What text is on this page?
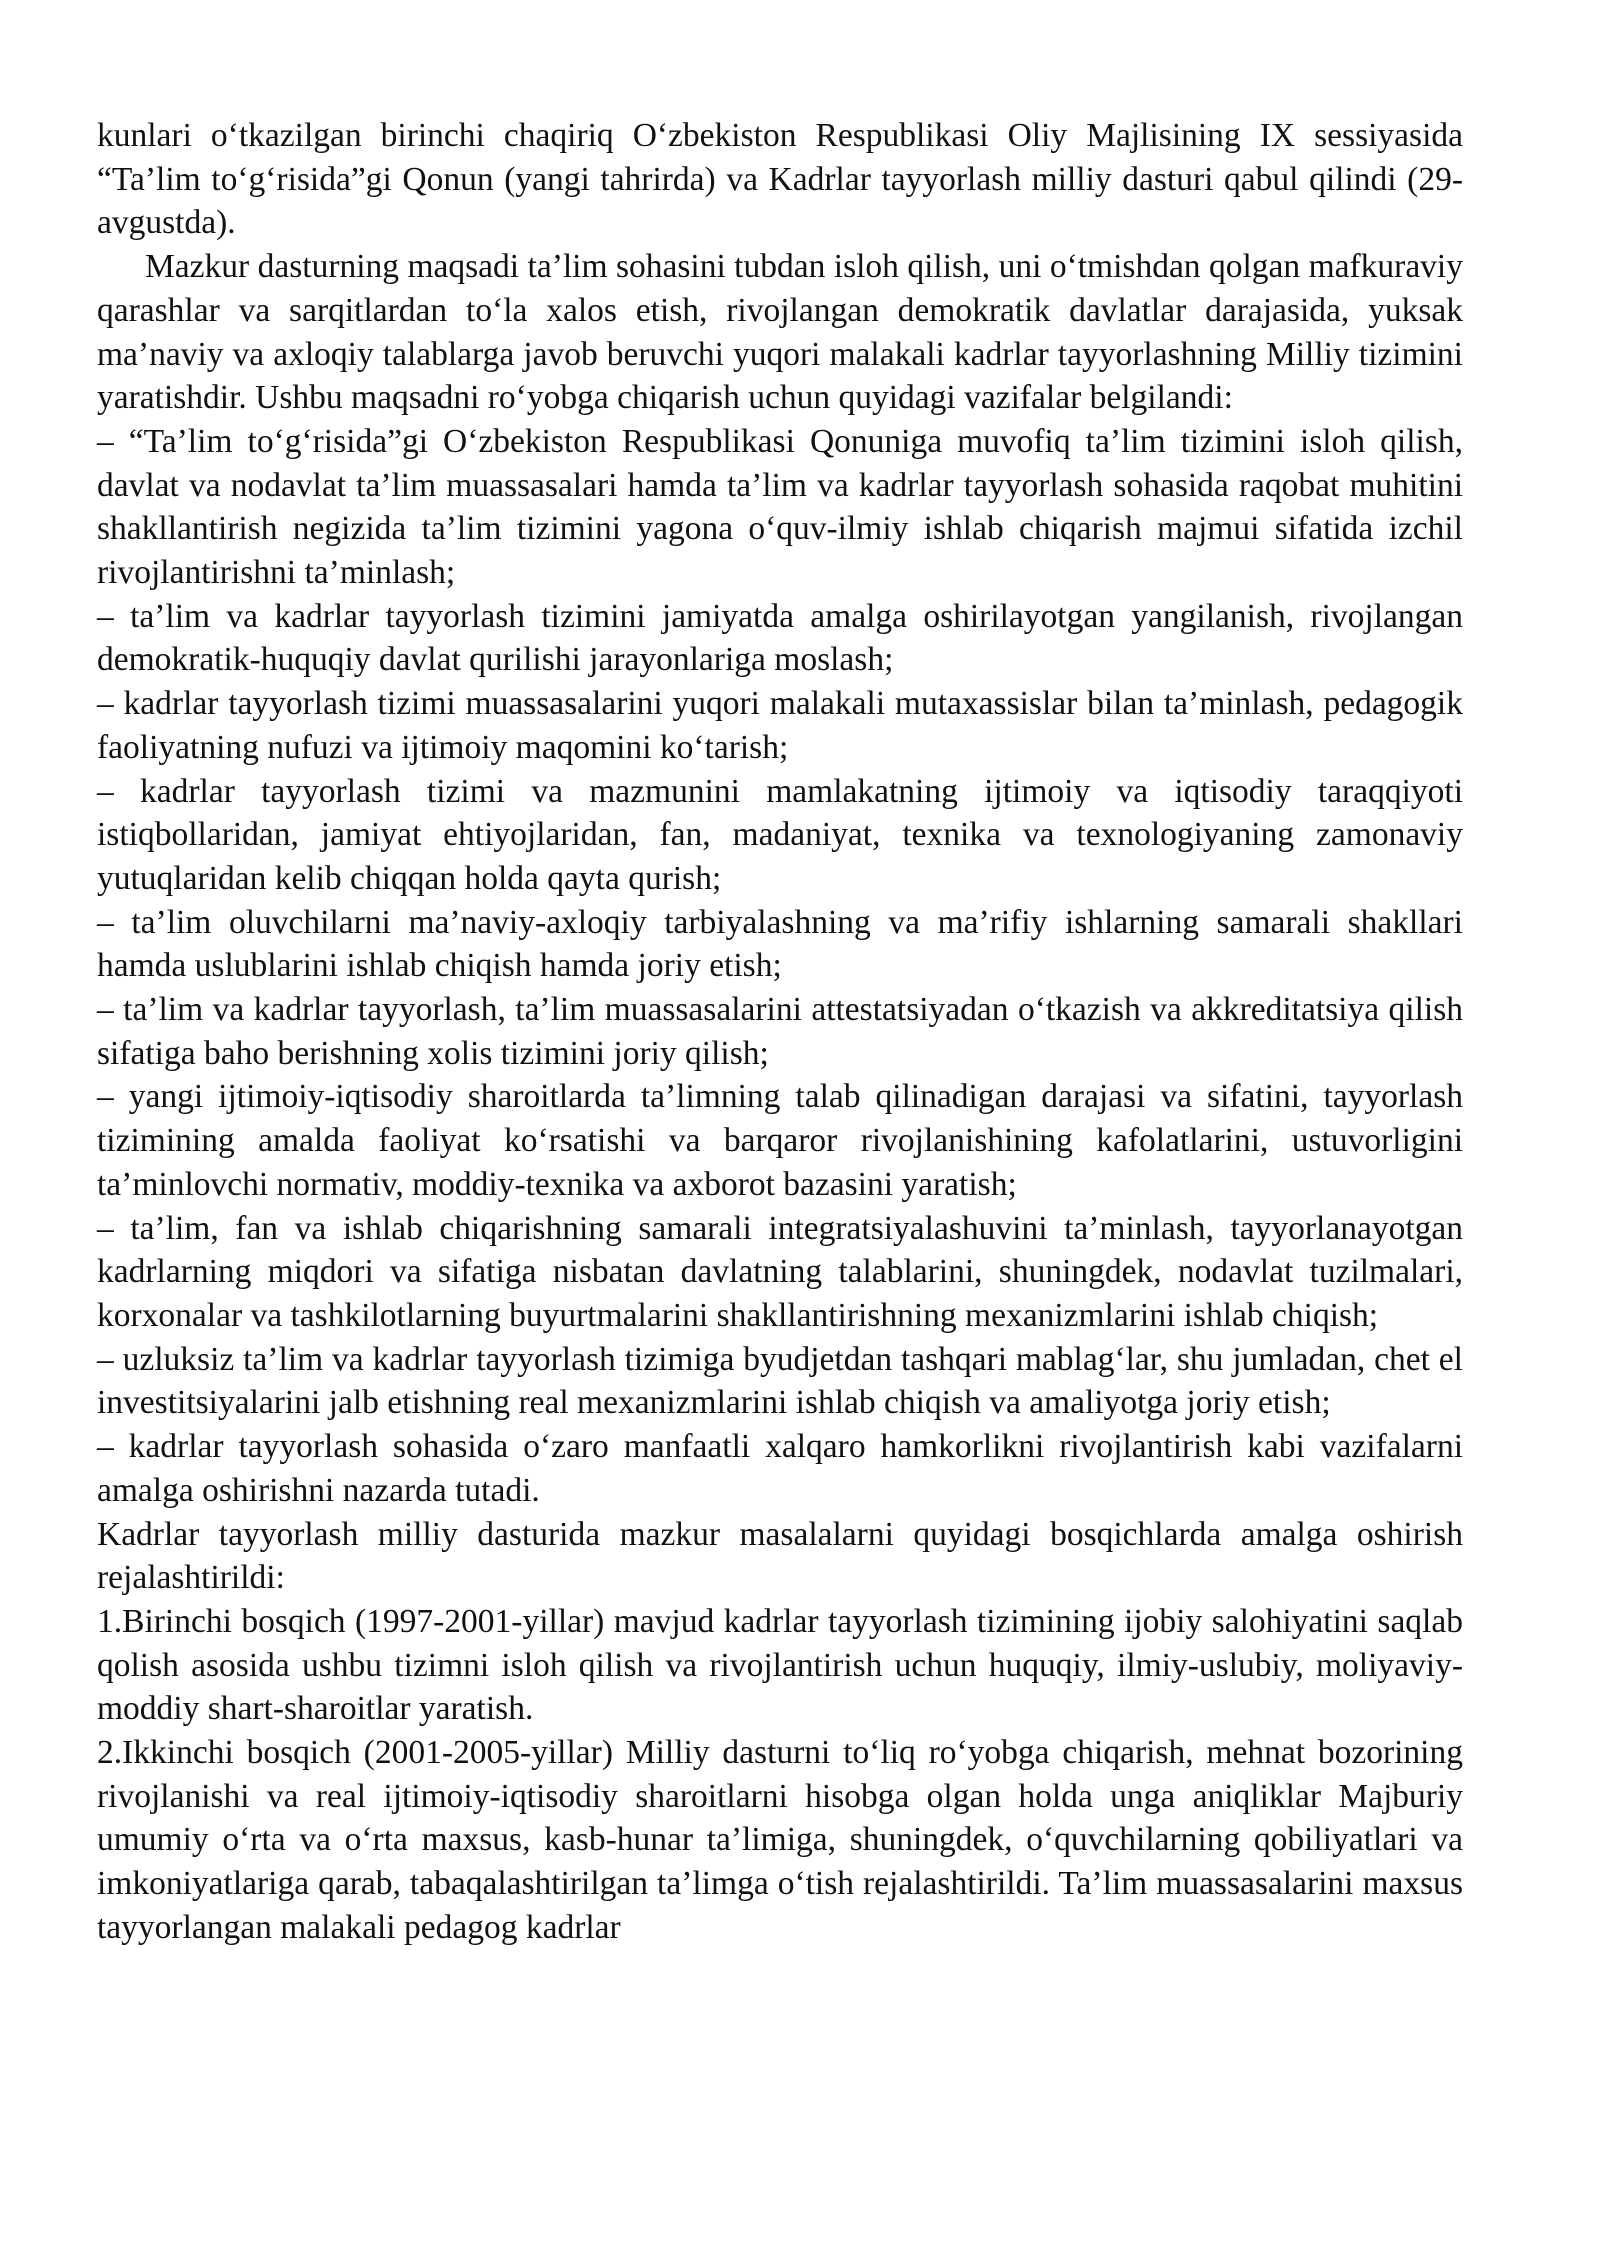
kunlari o‘tkazilgan birinchi chaqiriq O‘zbekiston Respublikasi Oliy Majlisining IX sessiyasida “Ta’lim to‘g‘risida”gi Qonun (yangi tahrirda) va Kadrlar tayyorlash milliy dasturi qabul qilindi (29-avgustda).

Mazkur dasturning maqsadi ta’lim sohasini tubdan isloh qilish, uni o‘tmishdan qolgan mafkuraviy qarashlar va sarqitlardan to‘la xalos etish, rivojlangan demokratik davlatlar darajasida, yuksak ma’naviy va axloqiy talablarga javob beruvchi yuqori malakali kadrlar tayyorlashning Milliy tizimini yaratishdir. Ushbu maqsadni ro‘yobga chiqarish uchun quyidagi vazifalar belgilandi:

– “Ta’lim to‘g‘risida”gi O‘zbekiston Respublikasi Qonuniga muvofiq ta’lim tizimini isloh qilish, davlat va nodavlat ta’lim muassasalari hamda ta’lim va kadrlar tayyorlash sohasida raqobat muhitini shakllantirish negizida ta’lim tizimini yagona o‘quv-ilmiy ishlab chiqarish majmui sifatida izchil rivojlantirishni ta’minlash;

– ta’lim va kadrlar tayyorlash tizimini jamiyatda amalga oshirilayotgan yangilanish, rivojlangan demokratik-huquqiy davlat qurilishi jarayonlariga moslash;

– kadrlar tayyorlash tizimi muassasalarini yuqori malakali mutaxassislar bilan ta’minlash, pedagogik faoliyatning nufuzi va ijtimoiy maqomini ko‘tarish;

– kadrlar tayyorlash tizimi va mazmunini mamlakatning ijtimoiy va iqtisodiy taraqqiyoti istiqbollaridan, jamiyat ehtiyojlaridan, fan, madaniyat, texnika va texnologiyaning zamonaviy yutuqlaridan kelib chiqqan holda qayta qurish;

– ta’lim oluvchilarni ma’naviy-axloqiy tarbiyalashning va ma’rifiy ishlarning samarali shakllari hamda uslublarini ishlab chiqish hamda joriy etish;

– ta’lim va kadrlar tayyorlash, ta’lim muassasalarini attestatsiyadan o‘tkazish va akkreditatsiya qilish sifatiga baho berishning xolis tizimini joriy qilish;

– yangi ijtimoiy-iqtisodiy sharoitlarda ta’limning talab qilinadigan darajasi va sifatini, tayyorlash tizimining amalda faoliyat ko‘rsatishi va barqaror rivojlanishining kafolatlarini, ustuvorligini ta’minlovchi normativ, moddiy-texnika va axborot bazasini yaratish;

– ta’lim, fan va ishlab chiqarishning samarali integratsiyalashuvini ta’minlash, tayyorlanayotgan kadrlarning miqdori va sifatiga nisbatan davlatning talablarini, shuningdek, nodavlat tuzilmalari, korxonalar va tashkilotlarning buyurtmalarini shakllantirishning mexanizmlarini ishlab chiqish;

– uzluksiz ta’lim va kadrlar tayyorlash tizimiga byudjetdan tashqari mablag‘lar, shu jumladan, chet el investitsiyalarini jalb etishning real mexanizmlarini ishlab chiqish va amaliyotga joriy etish;

– kadrlar tayyorlash sohasida o‘zaro manfaatli xalqaro hamkorlikni rivojlantirish kabi vazifalarni amalga oshirishni nazarda tutadi.

Kadrlar tayyorlash milliy dasturida mazkur masalalarni quyidagi bosqichlarda amalga oshirish rejalashtirildi:

1.Birinchi bosqich (1997-2001-yillar) mavjud kadrlar tayyorlash tizimining ijobiy salohiyatini saqlab qolish asosida ushbu tizimni isloh qilish va rivojlantirish uchun huquqiy, ilmiy-uslubiy, moliyaviy-moddiy shart-sharoitlar yaratish.

2.Ikkinchi bosqich (2001-2005-yillar) Milliy dasturni to‘liq ro‘yobga chiqarish, mehnat bozorining rivojlanishi va real ijtimoiy-iqtisodiy sharoitlarni hisobga olgan holda unga aniqliklar Majburiy umumiy o‘rta va o‘rta maxsus, kasb-hunar ta’limiga, shuningdek, o‘quvchilarning qobiliyatlari va imkoniyatlariga qarab, tabaqalashtirilgan ta’limga o‘tish rejalashtirildi. Ta’lim muassasalarini maxsus tayyorlangan malakali pedagog kadrlar
